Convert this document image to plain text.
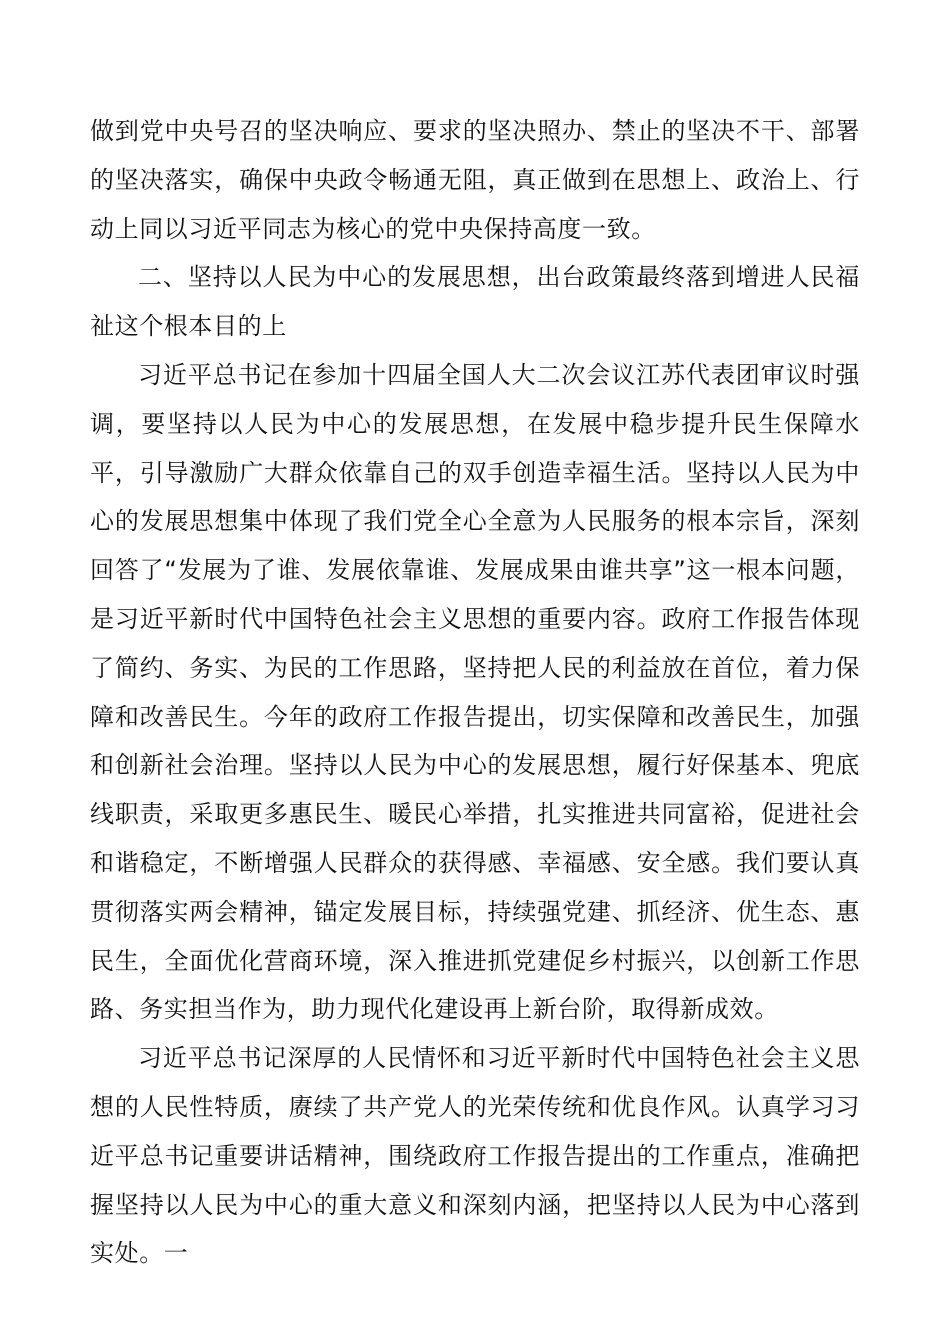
做到党中央号召的坚决响应、要求的坚决照办、禁止的坚决不干、部署的坚决落实，确保中央政令畅通无阻，真正做到在思想上、政治上、行动上同以习近平同志为核心的党中央保持高度一致。

二、坚持以人民为中心的发展思想，出台政策最终落到增进人民福祉这个根本目的上

习近平总书记在参加十四届全国人大二次会议江苏代表团审议时强调，要坚持以人民为中心的发展思想，在发展中稳步提升民生保障水平，引导激励广大群众依靠自己的双手创造幸福生活。坚持以人民为中心的发展思想集中体现了我们党全心全意为人民服务的根本宗旨，深刻回答了“发展为了谁、发展依靠谁、发展成果由谁共享”这一根本问题，是习近平新时代中国特色社会主义思想的重要内容。政府工作报告体现了简约、务实、为民的工作思路，坚持把人民的利益放在首位，着力保障和改善民生。今年的政府工作报告提出，切实保障和改善民生，加强和创新社会治理。坚持以人民为中心的发展思想，履行好保基本、兜底线职责，采取更多惠民生、暖民心举措，扎实推进共同富裕，促进社会和谐稳定，不断增强人民群众的获得感、幸福感、安全感。我们要认真贯彻落实两会精神，锚定发展目标，持续强党建、抓经济、优生态、惠民生，全面优化营商环境，深入推进抓党建促乡村振兴，以创新工作思路、务实担当作为，助力现代化建设再上新台阶，取得新成效。

习近平总书记深厚的人民情怀和习近平新时代中国特色社会主义思想的人民性特质，赓续了共产党人的光荣传统和优良作风。认真学习习近平总书记重要讲话精神，围绕政府工作报告提出的工作重点，准确把握坚持以人民为中心的重大意义和深刻内涵，把坚持以人民为中心落到实处。一
